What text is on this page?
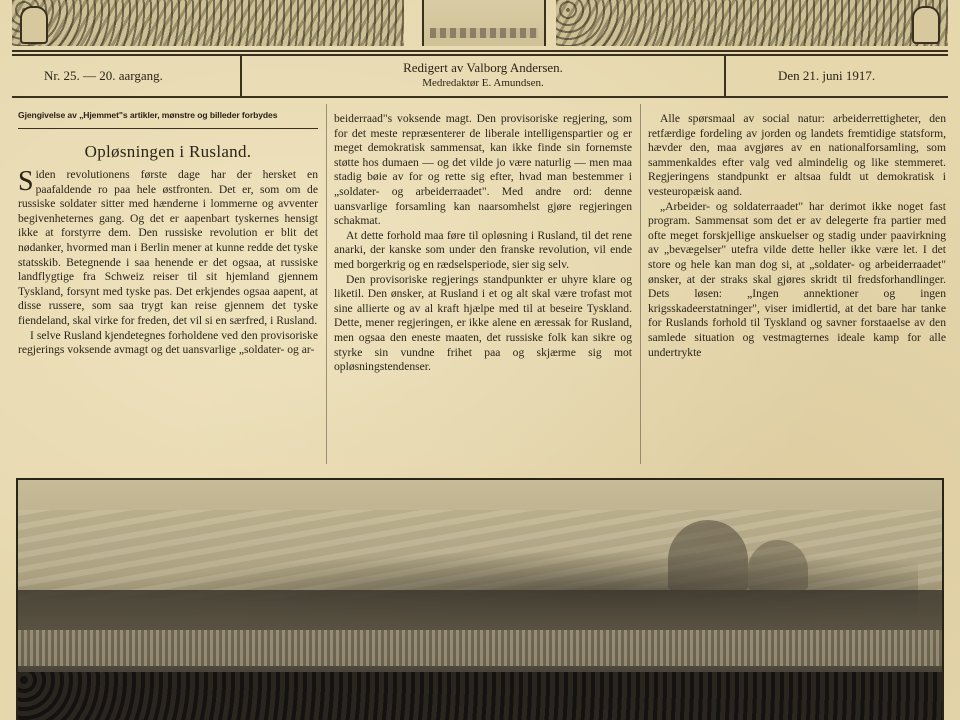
Nr. 25. — 20. aargang.
Redigert av Valborg Andersen.
Medredaktør E. Amundsen.	Den 21. juni 1917.
Gjengivelse av „Hjemmet"s artikler, mønstre og billeder forbydes
Opløsningen i Rusland.

Siden revolutionens første dage har der hersket en paafaldende ro paa hele østfronten. Det er, som om de russiske soldater sitter med hænderne i lommerne og avventer begivenheternes gang. Og det er aapenbart tyskernes hensigt ikke at forstyrre dem. Den russiske revolution er blit det nødanker, hvormed man i Berlin mener at kunne redde det tyske statsskib. Betegnende i saa henende er det ogsaa, at russiske landflygtige fra Schweiz reiser til sit hjemland gjennem Tyskland, forsynt med tyske pas. Det erkjendes ogsaa aapent, at disse russere, som saa trygt kan reise gjennem det tyske fiendeland, skal virke for freden, det vil si en særfred, i Rusland.

I selve Rusland kjendetegnes forholdene ved den provisoriske regjerings voksende avmagt og det uansvarlige „soldater- og ar-

beiderraad"s voksende magt. Den provisoriske regjering, som for det meste repræsenterer de liberale intelligenspartier og er meget demokratisk sammensat, kan ikke finde sin fornemste støtte hos dumaen — og det vilde jo være naturlig — men maa stadig bøie av for og rette sig efter, hvad man bestemmer i „soldater- og arbeiderraadet". Med andre ord: denne uansvarlige forsamling kan naarsomhelst gjøre regjeringen schakmat.

At dette forhold maa føre til opløsning i Rusland, til det rene anarki, der kanske som under den franske revolution, vil ende med borgerkrig og en rædselsperiode, sier sig selv.

Den provisoriske regjerings standpunkter er uhyre klare og liketil. Den ønsker, at Rusland i et og alt skal være trofast mot sine allierte og av al kraft hjælpe med til at beseire Tyskland. Dette, mener regjeringen, er ikke alene en æressak for Rusland, men ogsaa den eneste maaten, det russiske folk kan sikre og styrke sin vundne frihet paa og skjærme sig mot opløsningstendenser.

Alle spørsmaal av social natur: arbeiderrettigheter, den retfærdige fordeling av jorden og landets fremtidige statsform, hævder den, maa avgjøres av en nationalforsamling, som sammenkaldes efter valg ved almindelig og like stemmeret. Regjeringens standpunkt er altsaa fuldt ut demokratisk i vesteuropæisk aand.

„Arbeider- og soldaterraadet" har derimot ikke noget fast program. Sammensat som det er av delegerte fra partier med ofte meget forskjellige anskuelser og stadig under paavirkning av „bevægelser" utefra vilde dette heller ikke være let. I det store og hele kan man dog si, at „soldater- og arbeiderraadet" ønsker, at der straks skal gjøres skridt til fredsforhandlinger. Dets løsen: „Ingen annektioner og ingen krigsskadeerstatninger", viser imidlertid, at det bare har tanke for Ruslands forhold til Tyskland og savner forstaaelse av den samlede situation og vestmagternes ideale kamp for alle undertrykte
